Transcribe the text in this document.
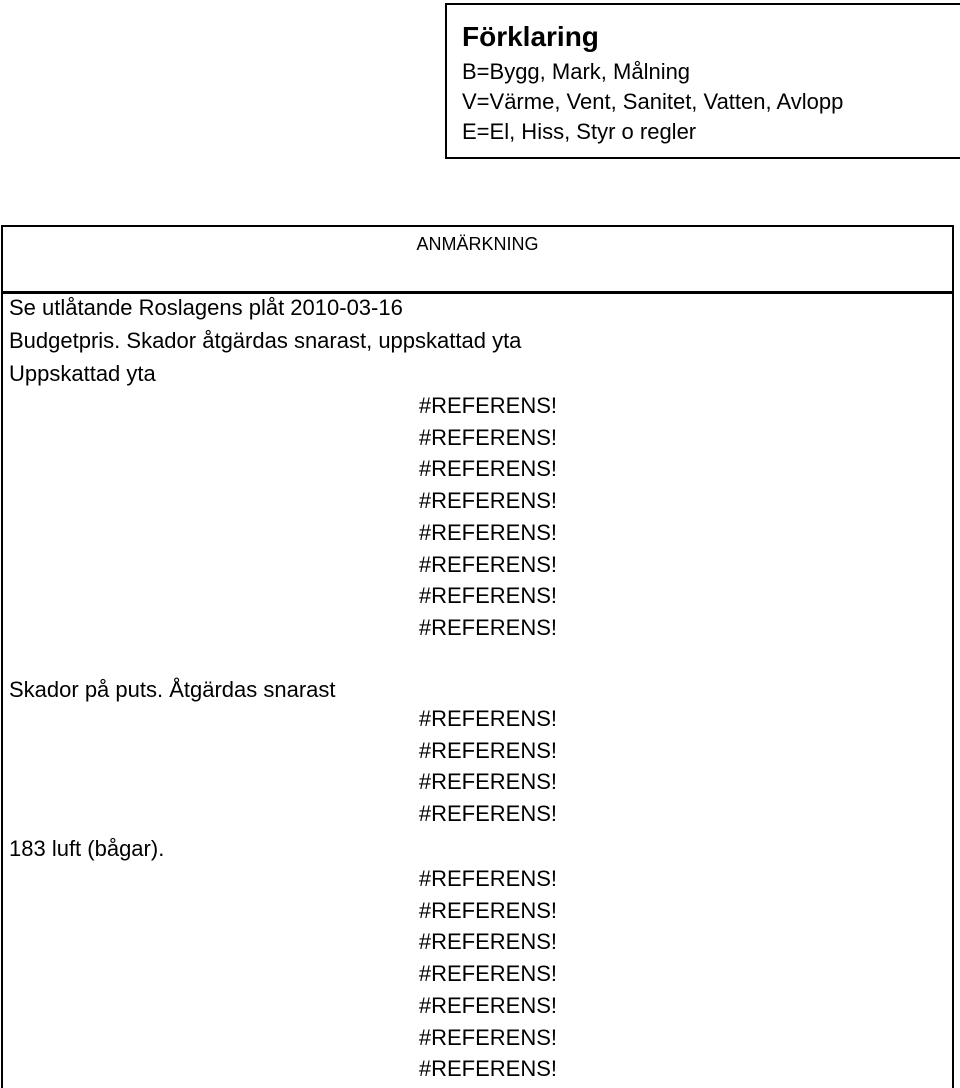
Förklaring
B=Bygg, Mark, Målning
V=Värme, Vent, Sanitet, Vatten, Avlopp
E=El, Hiss, Styr o regler
ANMÄRKNING
Se utlåtande Roslagens plåt 2010-03-16
Budgetpris. Skador åtgärdas snarast, uppskattad yta
Uppskattad yta
Skador på puts. Åtgärdas snarast
183 luft (bågar).
#REFERENS!
#REFERENS!
#REFERENS!
#REFERENS!
#REFERENS!
#REFERENS!
#REFERENS!
#REFERENS!
#REFERENS!
#REFERENS!
#REFERENS!
#REFERENS!
#REFERENS!
#REFERENS!
#REFERENS!
#REFERENS!
#REFERENS!
#REFERENS!
#REFERENS!
